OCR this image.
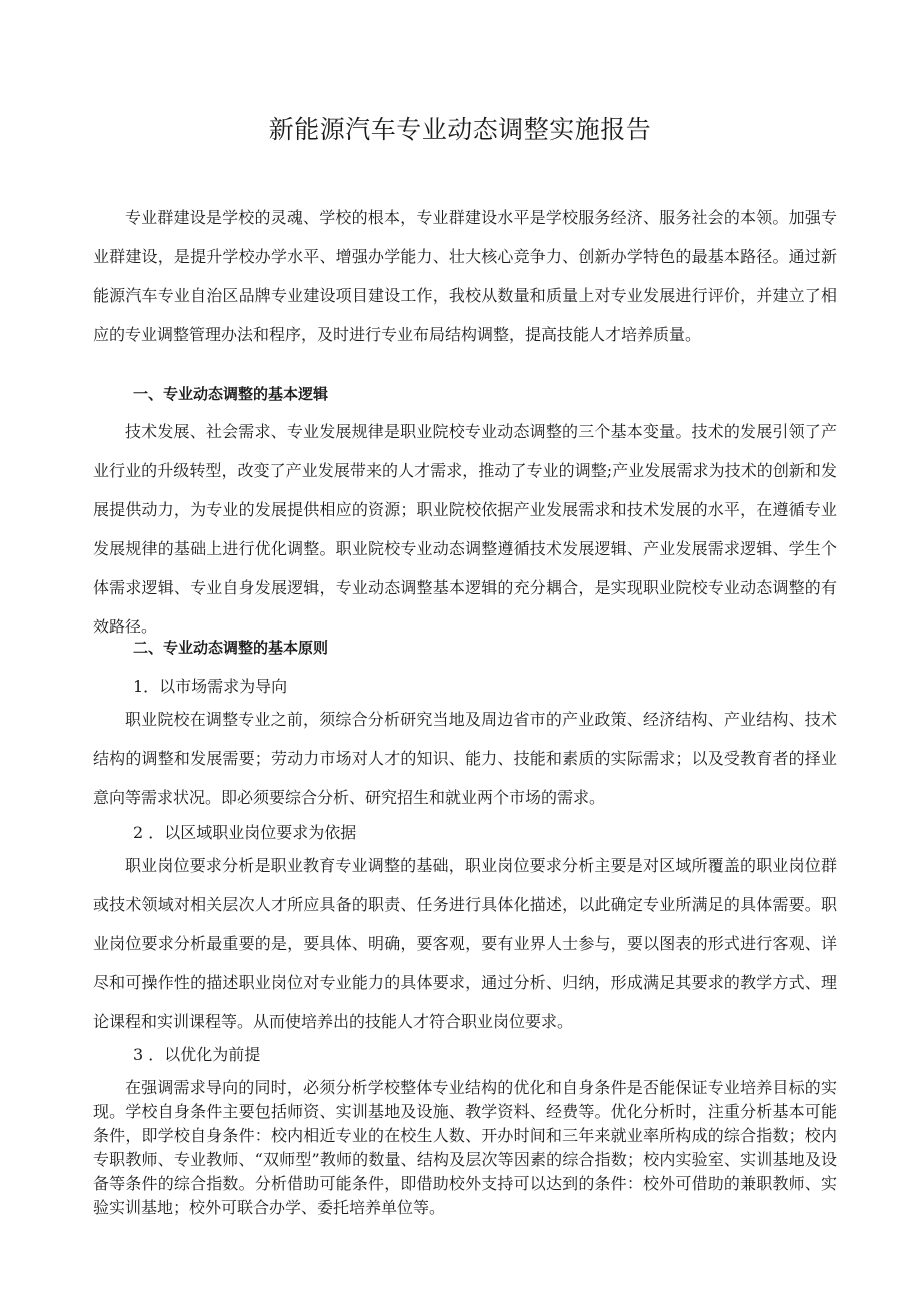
新能源汽车专业动态调整实施报告
专业群建设是学校的灵魂、学校的根本，专业群建设水平是学校服务经济、服务社会的本领。加强专业群建设，是提升学校办学水平、增强办学能力、壮大核心竞争力、创新办学特色的最基本路径。通过新能源汽车专业自治区品牌专业建设项目建设工作，我校从数量和质量上对专业发展进行评价，并建立了相应的专业调整管理办法和程序，及时进行专业布局结构调整，提高技能人才培养质量。
一、专业动态调整的基本逻辑
技术发展、社会需求、专业发展规律是职业院校专业动态调整的三个基本变量。技术的发展引领了产业行业的升级转型，改变了产业发展带来的人才需求，推动了专业的调整;产业发展需求为技术的创新和发展提供动力，为专业的发展提供相应的资源；职业院校依据产业发展需求和技术发展的水平，在遵循专业发展规律的基础上进行优化调整。职业院校专业动态调整遵循技术发展逻辑、产业发展需求逻辑、学生个体需求逻辑、专业自身发展逻辑，专业动态调整基本逻辑的充分耦合，是实现职业院校专业动态调整的有效路径。
二、专业动态调整的基本原则
1．以市场需求为导向
职业院校在调整专业之前，须综合分析研究当地及周边省市的产业政策、经济结构、产业结构、技术结构的调整和发展需要；劳动力市场对人才的知识、能力、技能和素质的实际需求；以及受教育者的择业意向等需求状况。即必须要综合分析、研究招生和就业两个市场的需求。
2 ．以区域职业岗位要求为依据
职业岗位要求分析是职业教育专业调整的基础，职业岗位要求分析主要是对区域所覆盖的职业岗位群或技术领域对相关层次人才所应具备的职责、任务进行具体化描述，以此确定专业所满足的具体需要。职业岗位要求分析最重要的是，要具体、明确，要客观，要有业界人士参与，要以图表的形式进行客观、详尽和可操作性的描述职业岗位对专业能力的具体要求，通过分析、归纳，形成满足其要求的教学方式、理论课程和实训课程等。从而使培养出的技能人才符合职业岗位要求。
3 ．以优化为前提
在强调需求导向的同时，必须分析学校整体专业结构的优化和自身条件是否能保证专业培养目标的实现。学校自身条件主要包括师资、实训基地及设施、教学资料、经费等。优化分析时，注重分析基本可能条件，即学校自身条件：校内相近专业的在校生人数、开办时间和三年来就业率所构成的综合指数；校内专职教师、专业教师、“双师型”教师的数量、结构及层次等因素的综合指数；校内实验室、实训基地及设备等条件的综合指数。分析借助可能条件，即借助校外支持可以达到的条件：校外可借助的兼职教师、实验实训基地；校外可联合办学、委托培养单位等。
